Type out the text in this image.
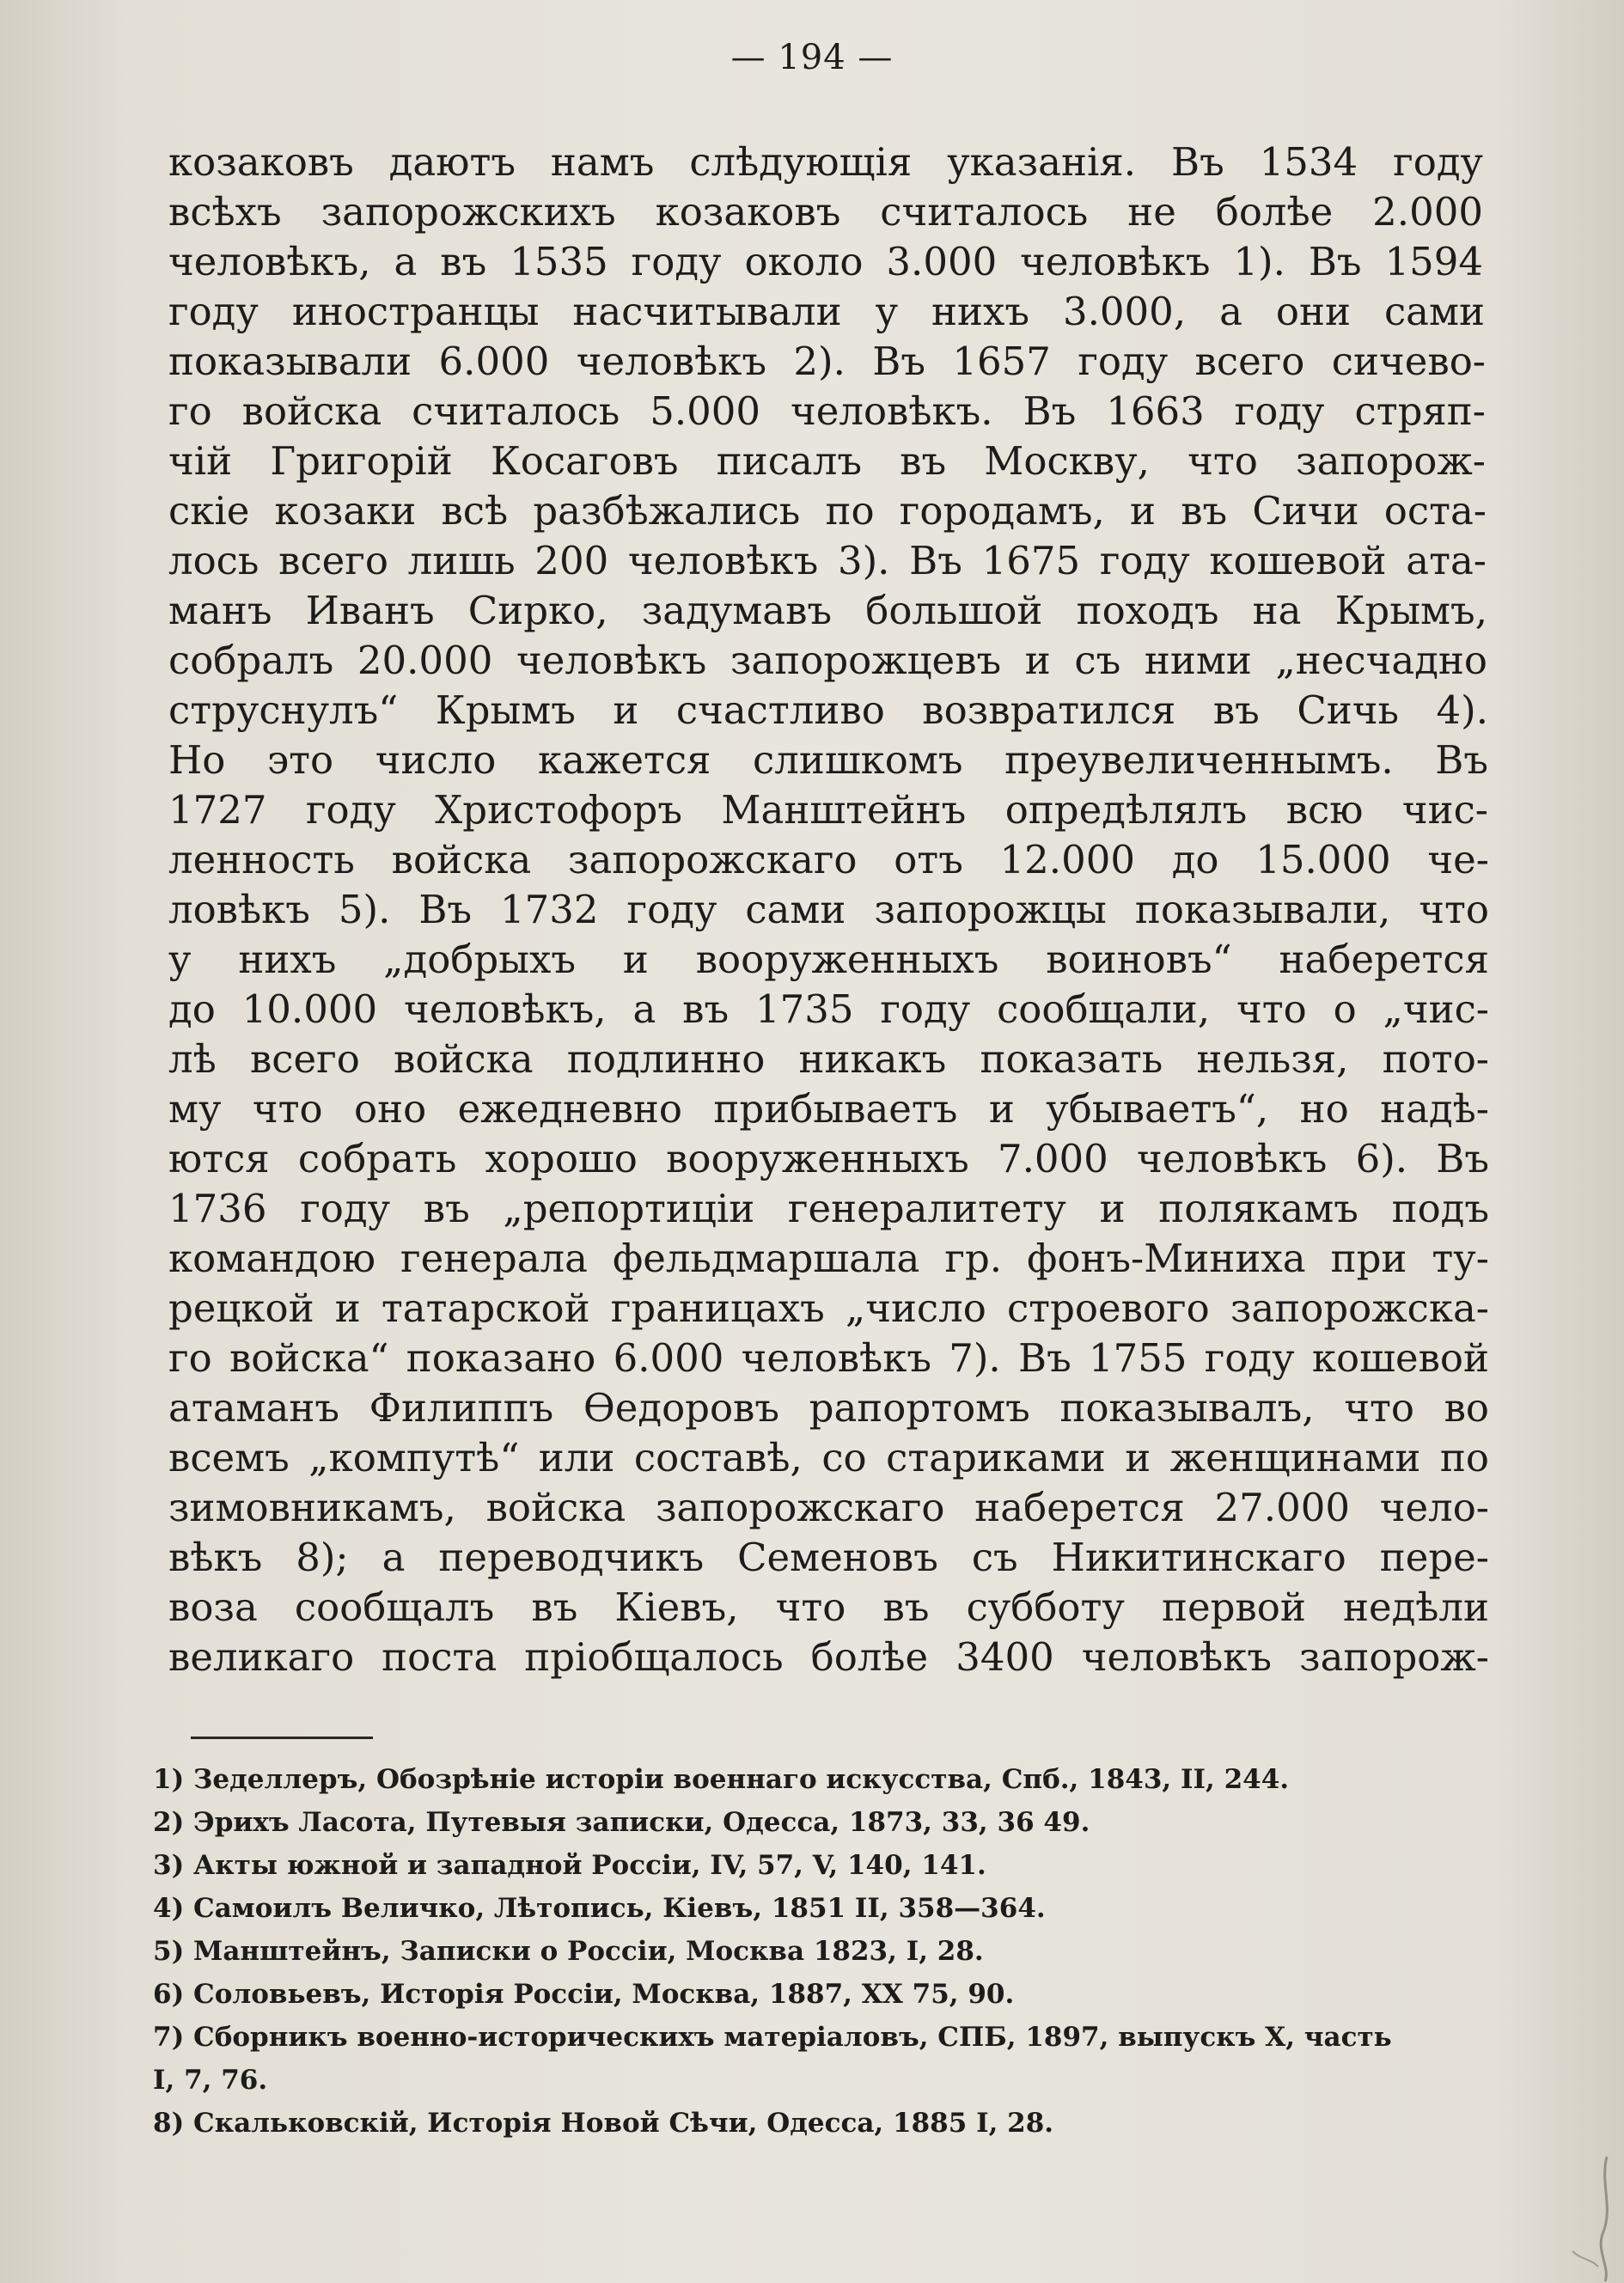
— 194 —
козаковъ даютъ намъ слѣдующія указанія. Въ 1534 году
всѣхъ запорожскихъ козаковъ считалось не болѣе 2.000
человѣкъ, а въ 1535 году около 3.000 человѣкъ 1). Въ 1594
году иностранцы насчитывали у нихъ 3.000, а они сами
показывали 6.000 человѣкъ 2). Въ 1657 году всего сичево-
го войска считалось 5.000 человѣкъ. Въ 1663 году стряп-
чій Григорій Косаговъ писалъ въ Москву, что запорож-
скіе козаки всѣ разбѣжались по городамъ, и въ Сичи оста-
лось всего лишь 200 человѣкъ 3). Въ 1675 году кошевой ата-
манъ Иванъ Сирко, задумавъ большой походъ на Крымъ,
собралъ 20.000 человѣкъ запорожцевъ и съ ними „несчадно
струснулъ“ Крымъ и счастливо возвратился въ Сичь 4).
Но это число кажется слишкомъ преувеличеннымъ. Въ
1727 году Христофоръ Манштейнъ опредѣлялъ всю чис-
ленность войска запорожскаго отъ 12.000 до 15.000 че-
ловѣкъ 5). Въ 1732 году сами запорожцы показывали, что
у нихъ „добрыхъ и вооруженныхъ воиновъ“ наберется
до 10.000 человѣкъ, а въ 1735 году сообщали, что о „чис-
лѣ всего войска подлинно никакъ показать нельзя, пото-
му что оно ежедневно прибываетъ и убываетъ“, но надѣ-
ются собрать хорошо вооруженныхъ 7.000 человѣкъ 6). Въ
1736 году въ „репортиціи генералитету и полякамъ подъ
командою генерала фельдмаршала гр. фонъ-Миниха при ту-
рецкой и татарской границахъ „число строевого запорожска-
го войска“ показано 6.000 человѣкъ 7). Въ 1755 году кошевой
атаманъ Филиппъ Ѳедоровъ рапортомъ показывалъ, что во
всемъ „компутѣ“ или составѣ, со стариками и женщинами по
зимовникамъ, войска запорожскаго наберется 27.000 чело-
вѣкъ 8); а переводчикъ Семеновъ съ Никитинскаго пере-
воза сообщалъ въ Кіевъ, что въ субботу первой недѣли
великаго поста пріобщалось болѣе 3400 человѣкъ запорож-
1) Зеделлеръ, Обозрѣніе исторіи военнаго искусства, Спб., 1843, II, 244.
2) Эрихъ Ласота, Путевыя записки, Одесса, 1873, 33, 36 49.
3) Акты южной и западной Россіи, IV, 57, V, 140, 141.
4) Самоилъ Величко, Лѣтопись, Кіевъ, 1851 II, 358—364.
5) Манштейнъ, Записки о Россіи, Москва 1823, I, 28.
6) Соловьевъ, Исторія Россіи, Москва, 1887, XX 75, 90.
7) Сборникъ военно-историческихъ матеріаловъ, СПБ, 1897, выпускъ X, часть
I, 7, 76.
8) Скальковскій, Исторія Новой Сѣчи, Одесса, 1885 I, 28.
